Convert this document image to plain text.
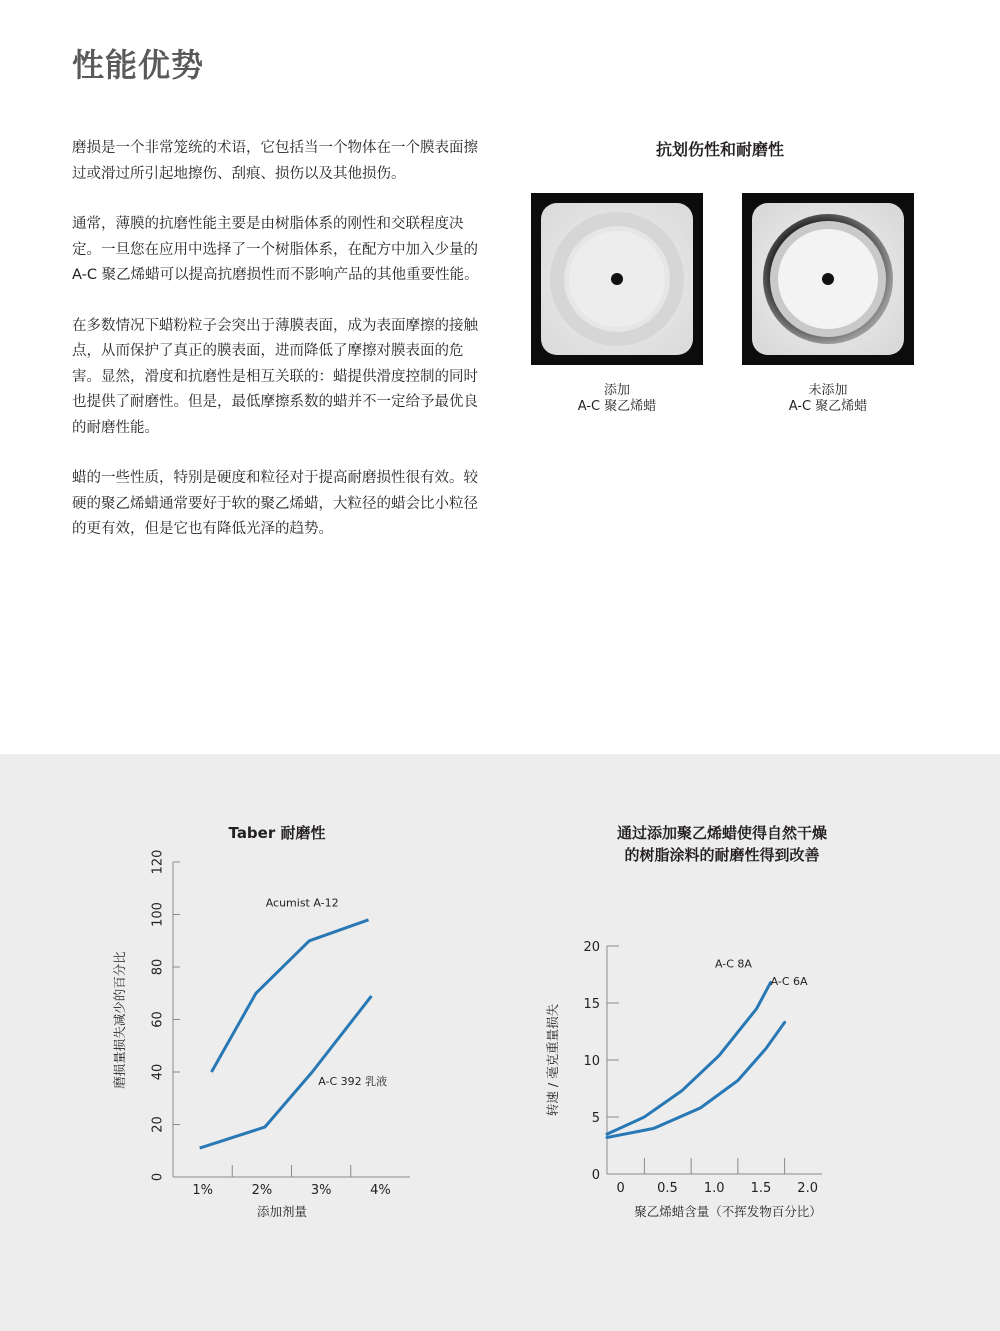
性能优势

磨损是一个非常笼统的术语，它包括当一个物体在一个膜表面擦过或滑过所引起地擦伤、刮痕、损伤以及其他损伤。

通常，薄膜的抗磨性能主要是由树脂体系的刚性和交联程度决定。一旦您在应用中选择了一个树脂体系，在配方中加入少量的 A-C 聚乙烯蜡可以提高抗磨损性而不影响产品的其他重要性能。

在多数情况下蜡粉粒子会突出于薄膜表面，成为表面摩擦的接触点，从而保护了真正的膜表面，进而降低了摩擦对膜表面的危害。显然，滑度和抗磨性是相互关联的：蜡提供滑度控制的同时也提供了耐磨性。但是，最低摩擦系数的蜡并不一定给予最优良的耐磨性能。

蜡的一些性质，特别是硬度和粒径对于提高耐磨损性很有效。较硬的聚乙烯蜡通常要好于软的聚乙烯蜡，大粒径的蜡会比小粒径的更有效，但是它也有降低光泽的趋势。

抗划伤性和耐磨性
添加
A-C 聚乙烯蜡
未添加
A-C 聚乙烯蜡
Taber 耐磨性
0
20
40
60
80
100
120
1%	2%	3%	4%
Acumist A-12
A-C 392 乳液
添加剂量
磨损量损失减少的百分比
通过添加聚乙烯蜡使得自然干燥
的树脂涂料的耐磨性得到改善
0
5
10
15
20
0 0.5 1.0 1.5 2.0
A-C 8A
A-C 6A
聚乙烯蜡含量（不挥发物百分比）
转速 / 毫克重量损失
